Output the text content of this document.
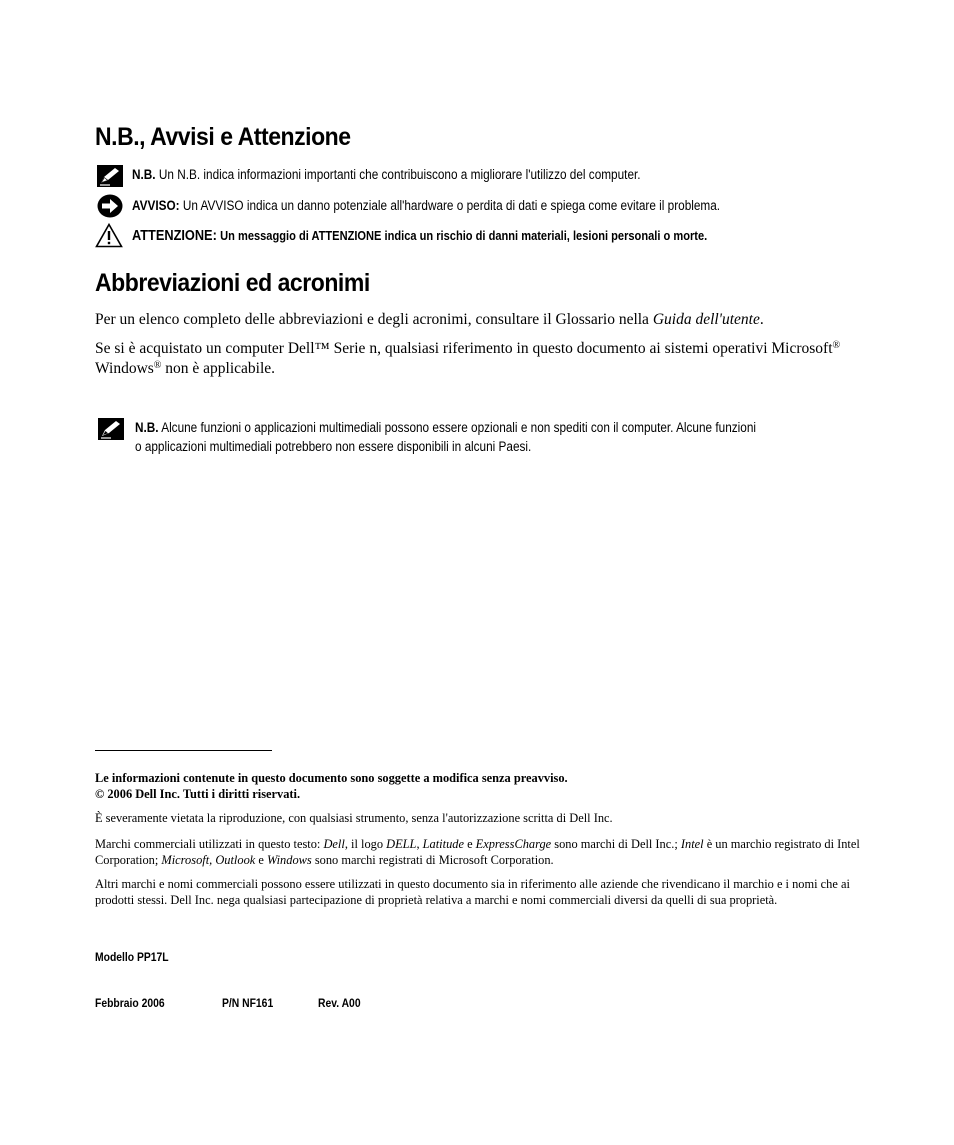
N.B., Avvisi e Attenzione
N.B. Un N.B. indica informazioni importanti che contribuiscono a migliorare l'utilizzo del computer.
AVVISO: Un AVVISO indica un danno potenziale all'hardware o perdita di dati e spiega come evitare il problema.
ATTENZIONE: Un messaggio di ATTENZIONE indica un rischio di danni materiali, lesioni personali o morte.
Abbreviazioni ed acronimi
Per un elenco completo delle abbreviazioni e degli acronimi, consultare il Glossario nella Guida dell'utente.
Se si è acquistato un computer Dell™ Serie n, qualsiasi riferimento in questo documento ai sistemi operativi Microsoft® Windows® non è applicabile.
N.B. Alcune funzioni o applicazioni multimediali possono essere opzionali e non spediti con il computer. Alcune funzioni
o applicazioni multimediali potrebbero non essere disponibili in alcuni Paesi.
Le informazioni contenute in questo documento sono soggette a modifica senza preavviso.
© 2006 Dell Inc. Tutti i diritti riservati.
È severamente vietata la riproduzione, con qualsiasi strumento, senza l'autorizzazione scritta di Dell Inc.
Marchi commerciali utilizzati in questo testo: Dell, il logo DELL, Latitude e ExpressCharge sono marchi di Dell Inc.; Intel è un marchio registrato di Intel Corporation; Microsoft, Outlook e Windows sono marchi registrati di Microsoft Corporation.
Altri marchi e nomi commerciali possono essere utilizzati in questo documento sia in riferimento alle aziende che rivendicano il marchio e i nomi che ai prodotti stessi. Dell Inc. nega qualsiasi partecipazione di proprietà relativa a marchi e nomi commerciali diversi da quelli di sua proprietà.
Modello PP17L
Febbraio 2006	P/N NF161	Rev. A00
